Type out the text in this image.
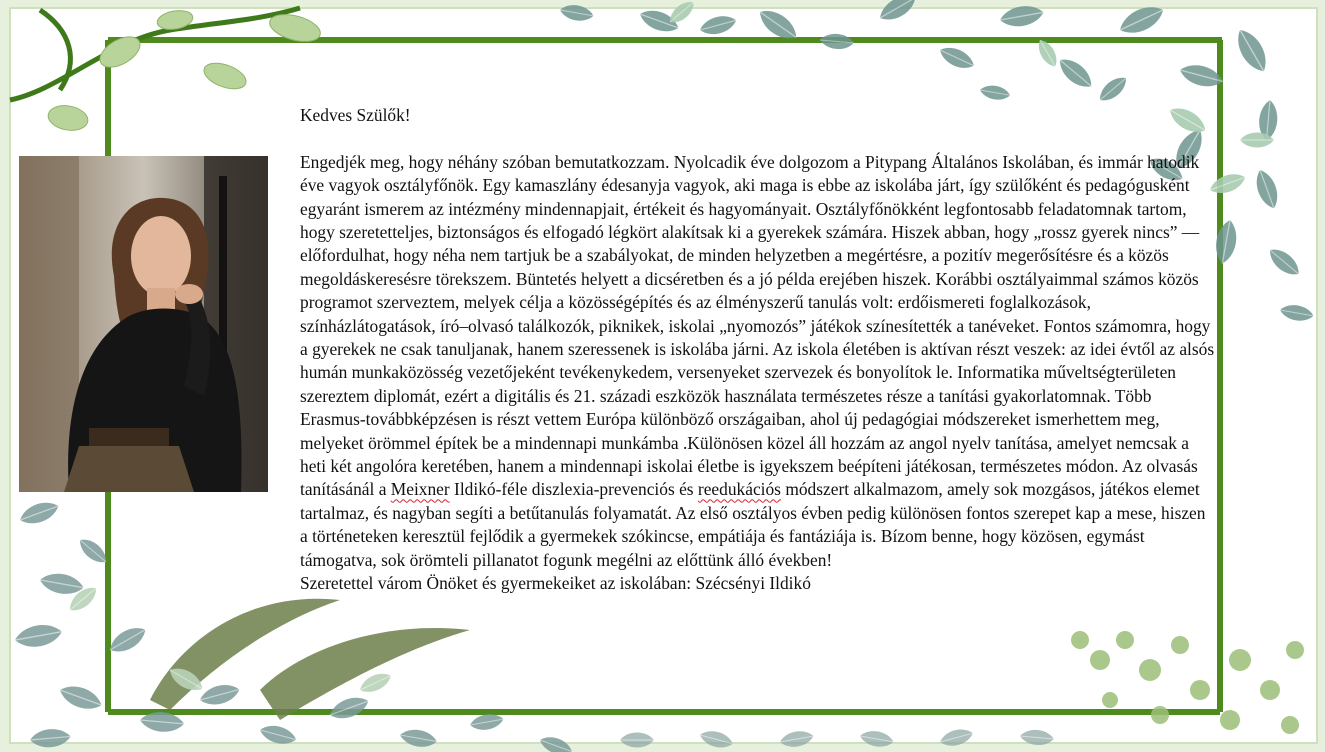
Kedves Szülők!

Engedjék meg, hogy néhány szóban bemutatkozzam. Nyolcadik éve dolgozom a Pitypang Általános Iskolában, és immár hatodik éve vagyok osztályfőnök. Egy kamaszlány édesanyja vagyok, aki maga is ebbe az iskolába járt, így szülőként és pedagógusként egyaránt ismerem az intézmény mindennapjait, értékeit és hagyományait. Osztályfőnökként legfontosabb feladatomnak tartom, hogy szeretetteljes, biztonságos és elfogadó légkört alakítsak ki a gyerekek számára. Hiszek abban, hogy „rossz gyerek nincs” — előfordulhat, hogy néha nem tartjuk be a szabályokat, de minden helyzetben a megértésre, a pozitív megerősítésre és a közös megoldáskeresésre törekszem. Büntetés helyett a dicséretben és a jó példa erejében hiszek. Korábbi osztályaimmal számos közös programot szerveztem, melyek célja a közösségépítés és az élményszerű tanulás volt: erdőismereti foglalkozások, színházlátogatások, író–olvasó találkozók, piknikek, iskolai „nyomozós” játékok színesítették a tanéveket. Fontos számomra, hogy a gyerekek ne csak tanuljanak, hanem szeressenek is iskolába járni. Az iskola életében is aktívan részt veszek: az idei évtől az alsós humán munkaközösség vezetőjeként tevékenykedem, versenyeket szervezek és bonyolítok le. Informatika műveltségterületen szereztem diplomát, ezért a digitális és 21. századi eszközök használata természetes része a tanítási gyakorlatomnak. Több Erasmus-továbbképzésen is részt vettem Európa különböző országaiban, ahol új pedagógiai módszereket ismerhettem meg, melyeket örömmel építek be a mindennapi munkámba .Különösen közel áll hozzám az angol nyelv tanítása, amelyet nemcsak a heti két angolóra keretében, hanem a mindennapi iskolai életbe is igyekszem beépíteni játékosan, természetes módon. Az olvasás tanításánál a Meixner Ildikó-féle diszlexia-prevenciós és reedukációs módszert alkalmazom, amely sok mozgásos, játékos elemet tartalmaz, és nagyban segíti a betűtanulás folyamatát. Az első osztályos évben pedig különösen fontos szerepet kap a mese, hiszen a történeteken keresztül fejlődik a gyermekek szókincse, empátiája és fantáziája is. Bízom benne, hogy közösen, egymást támogatva, sok örömteli pillanatot fogunk megélni az előttünk álló években!

Szeretettel várom Önöket és gyermekeiket az iskolában: Szécsényi Ildikó
